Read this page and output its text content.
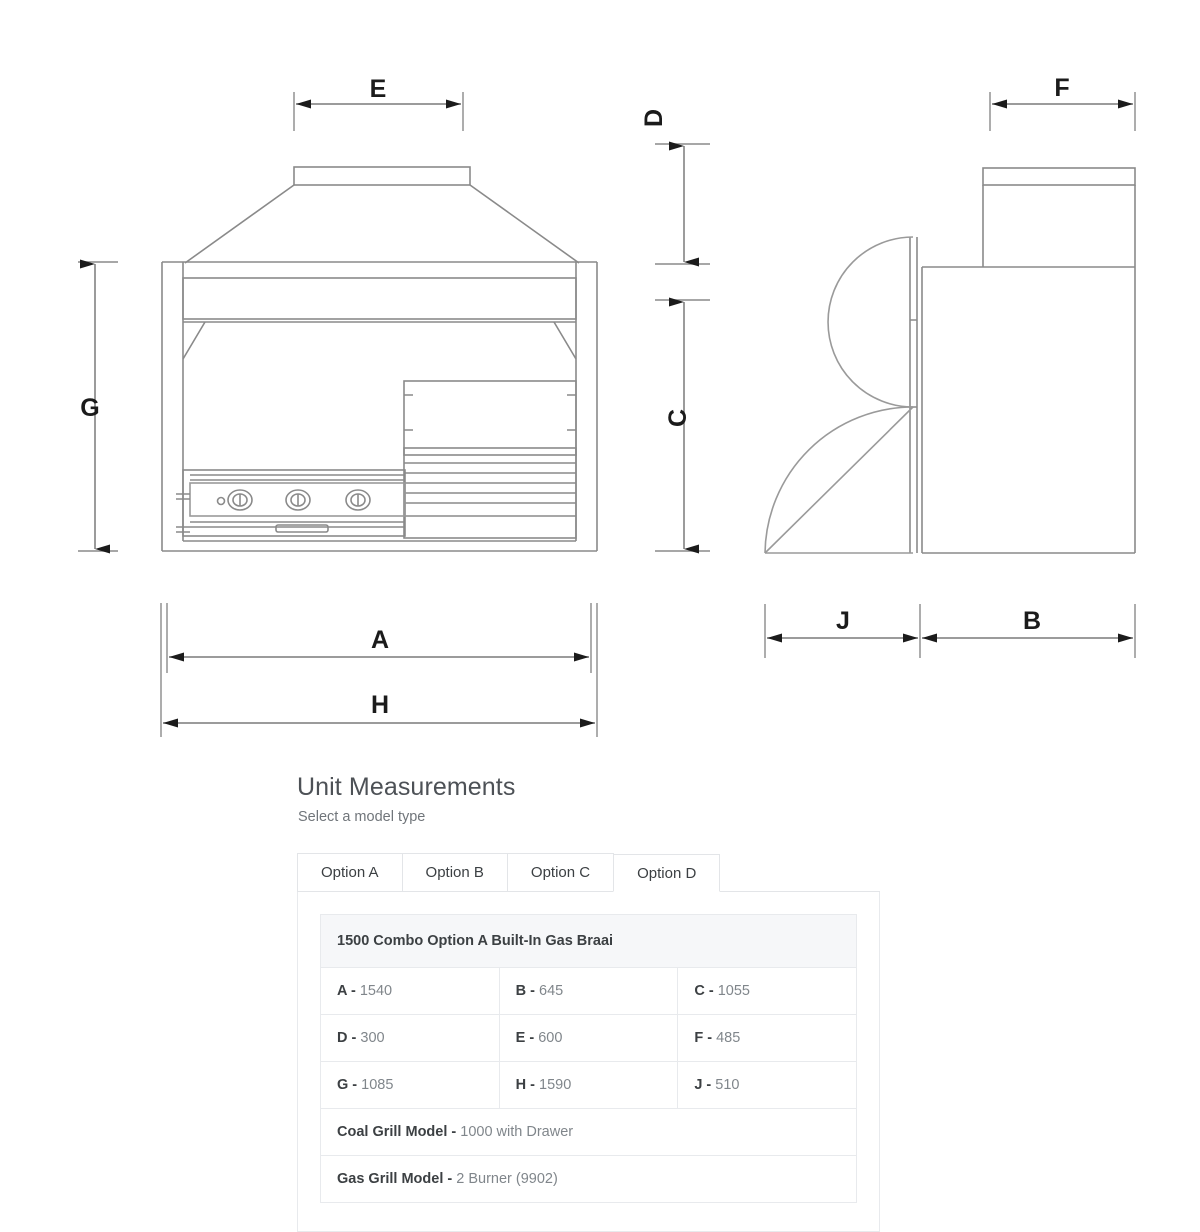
E
G
D
C
F
A
H
J	B
Unit Measurements

Select a model type

Option A	Option B	Option C	Option D
1500 Combo Option A Built-In Gas Braai		
A - 1540	B - 645	C - 1055
D - 300	E - 600	F - 485
G - 1085	H - 1590	J - 510
Coal Grill Model - 1000 with Drawer		
Gas Grill Model - 2 Burner (9902)		
